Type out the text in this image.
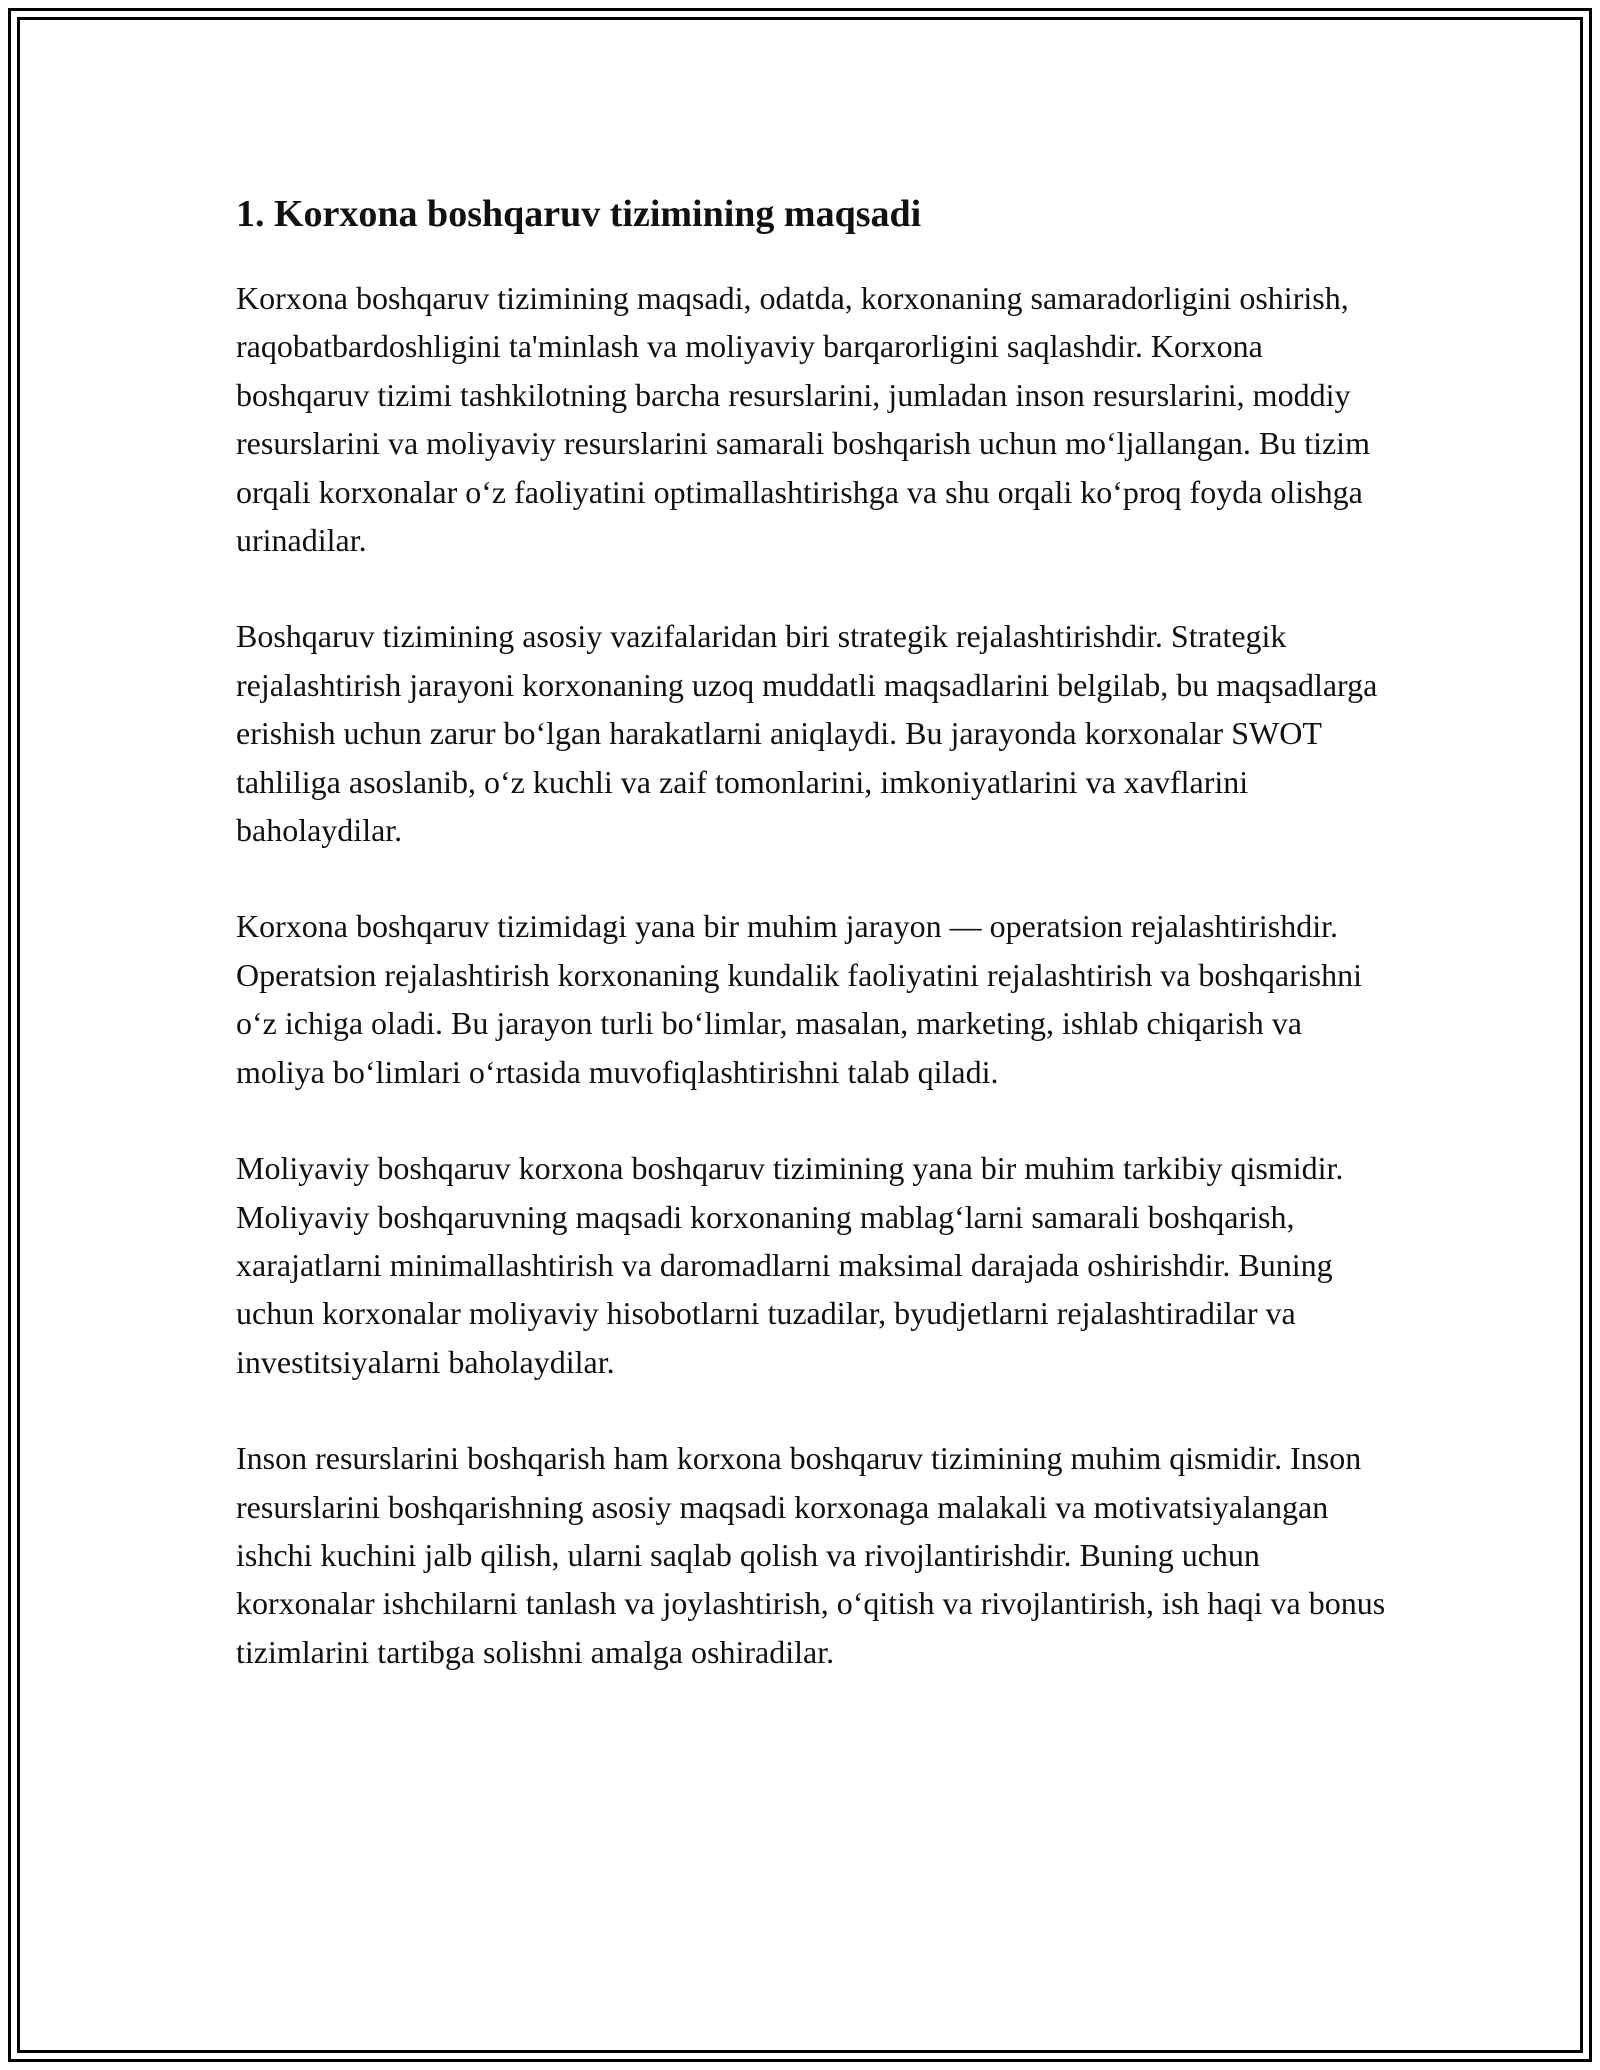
1. Korxona boshqaruv tizimining maqsadi

Korxona boshqaruv tizimining maqsadi, odatda, korxonaning samaradorligini oshirish, raqobatbardoshligini ta'minlash va moliyaviy barqarorligini saqlashdir. Korxona boshqaruv tizimi tashkilotning barcha resurslarini, jumladan inson resurslarini, moddiy resurslarini va moliyaviy resurslarini samarali boshqarish uchun mo‘ljallangan. Bu tizim orqali korxonalar o‘z faoliyatini optimallashtirishga va shu orqali ko‘proq foyda olishga urinadilar.

Boshqaruv tizimining asosiy vazifalaridan biri strategik rejalashtirishdir. Strategik rejalashtirish jarayoni korxonaning uzoq muddatli maqsadlarini belgilab, bu maqsadlarga erishish uchun zarur bo‘lgan harakatlarni aniqlaydi. Bu jarayonda korxonalar SWOT tahliliga asoslanib, o‘z kuchli va zaif tomonlarini, imkoniyatlarini va xavflarini baholaydilar.

Korxona boshqaruv tizimidagi yana bir muhim jarayon — operatsion rejalashtirishdir. Operatsion rejalashtirish korxonaning kundalik faoliyatini rejalashtirish va boshqarishni o‘z ichiga oladi. Bu jarayon turli bo‘limlar, masalan, marketing, ishlab chiqarish va moliya bo‘limlari o‘rtasida muvofiqlashtirishni talab qiladi.

Moliyaviy boshqaruv korxona boshqaruv tizimining yana bir muhim tarkibiy qismidir. Moliyaviy boshqaruvning maqsadi korxonaning mablag‘larni samarali boshqarish, xarajatlarni minimallashtirish va daromadlarni maksimal darajada oshirishdir. Buning uchun korxonalar moliyaviy hisobotlarni tuzadilar, byudjetlarni rejalashtiradilar va investitsiyalarni baholaydilar.

Inson resurslarini boshqarish ham korxona boshqaruv tizimining muhim qismidir. Inson resurslarini boshqarishning asosiy maqsadi korxonaga malakali va motivatsiyalangan ishchi kuchini jalb qilish, ularni saqlab qolish va rivojlantirishdir. Buning uchun korxonalar ishchilarni tanlash va joylashtirish, o‘qitish va rivojlantirish, ish haqi va bonus tizimlarini tartibga solishni amalga oshiradilar.
